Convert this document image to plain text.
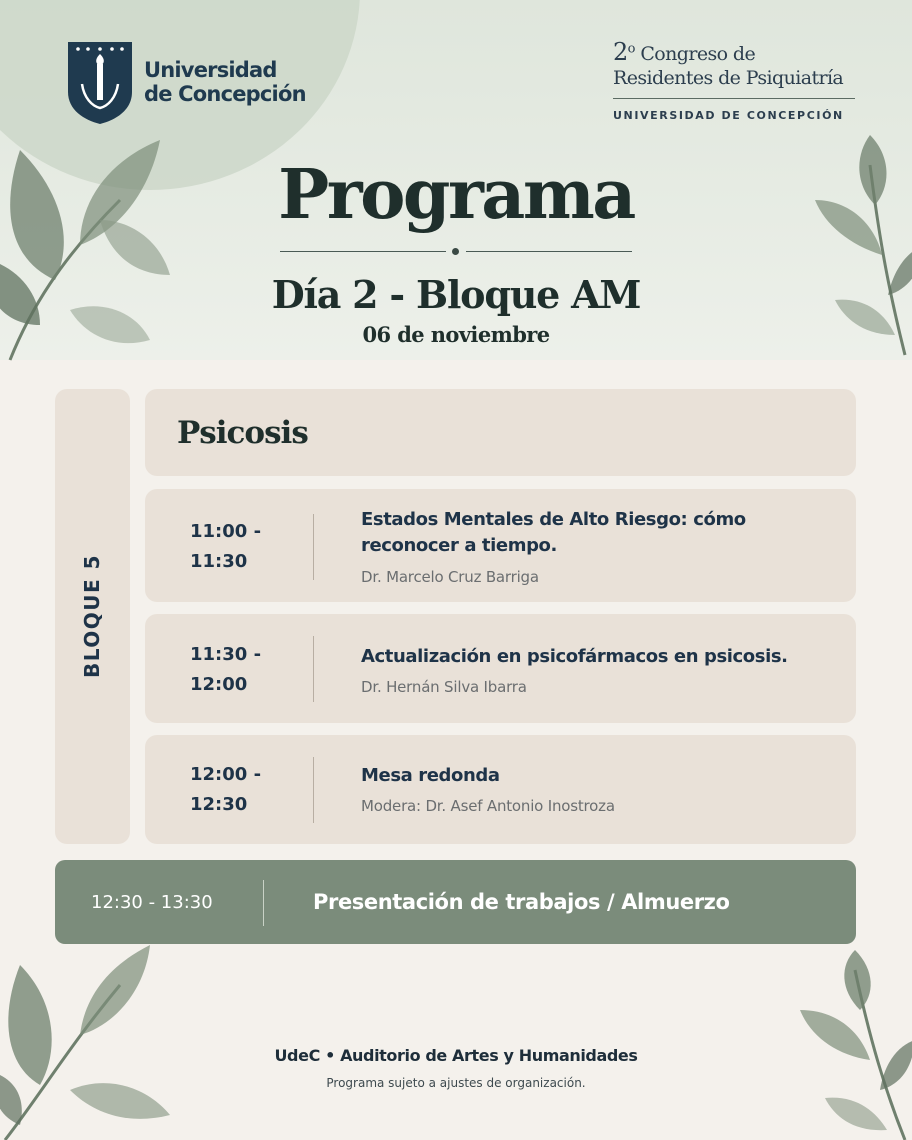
Universidad
de Concepción
2$^o$ Congreso de
Residentes de Psiquiatría
UNIVERSIDAD DE CONCEPCIÓN
Programa
Día 2 - Bloque AM
06 de noviembre
BLOQUE 5
Psicosis
11:00 -
11:30
Estados Mentales de Alto Riesgo: cómo
reconocer a tiempo.
Dr. Marcelo Cruz Barriga
11:30 -
12:00
Actualización en psicofármacos en psicosis.
Dr. Hernán Silva Ibarra
12:00 -
12:30
Mesa redonda
Modera: Dr. Asef Antonio Inostroza
12:30 - 13:30	Presentación de trabajos / Almuerzo
UdeC • Auditorio de Artes y Humanidades
Programa sujeto a ajustes de organización.
